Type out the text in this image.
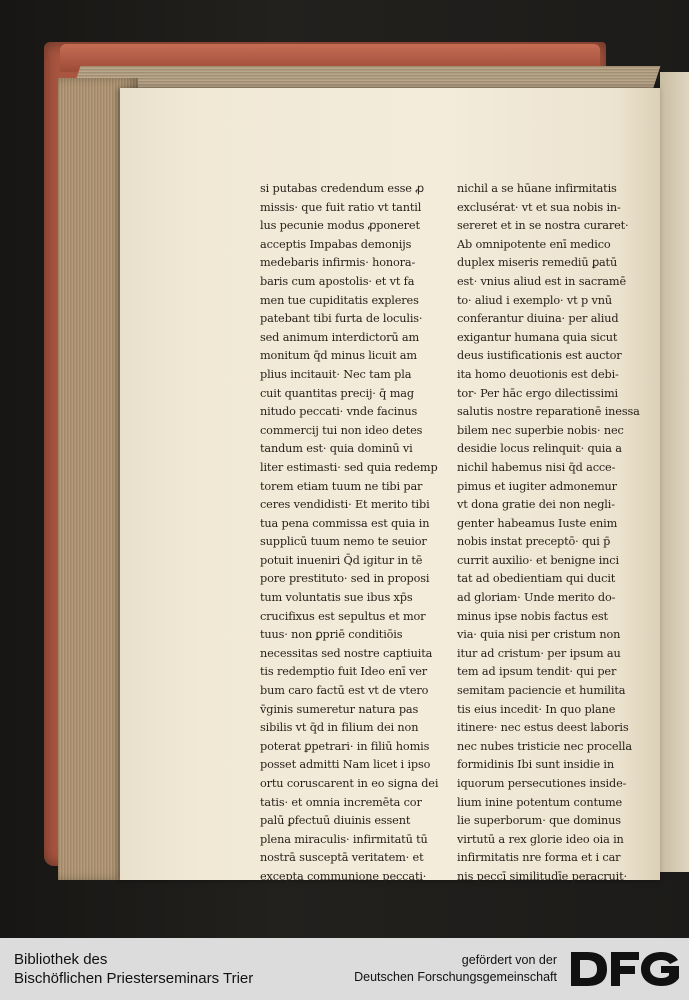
si putabas credendum esse ꝓ
missis· que fuit ratio vt tantil
lus pecunie modus ꝓponeret
acceptis Impabas demonijs
medebaris infirmis· honora-
baris cum apostolis· et vt fa
men tue cupiditatis expleres
patebant tibi furta de loculis·
sed animum interdictorū am
monitum q̄d minus licuit am
plius incitauit· Nec tam pla
cuit quantitas precij· q̄ mag
nitudo peccati· vnde facinus
commercij tui non ideo detes
tandum est· quia dominū vi
liter estimasti· sed quia redemp
torem etiam tuum ne tibi par
ceres vendidisti· Et merito tibi
tua pena commissa est quia in
supplicū tuum nemo te seuior
potuit inueniri Q̄d igitur in tē
pore prestituto· sed in proposi
tum voluntatis sue ibus xp̄s
crucifixus est sepultus et mor
tuus· non ꝑpriē conditiōis
necessitas sed nostre captiuita
tis redemptio fuit Ideo enī ver
bum caro factū est vt de vtero
v̄ginis sumeretur natura pas
sibilis vt q̄d in filium dei non
poterat ꝑpetrari· in filiū homis
posset admitti Nam licet i ipso
ortu coruscarent in eo signa dei
tatis· et omnia incremēta cor
palū ꝑfectuū diuinis essent
plena miraculis· infirmitatū tū
nostrā susceptā veritatem· et
excepta communione peccati·
nichil a se hūane infirmitatis
exclusérat· vt et sua nobis in-
sereret et in se nostra curaret·
Ab omnipotente enī medico
duplex miseris remediū ꝑatū
est· vnius aliud est in sacramē
to· aliud i exemplo· vt p vnū
conferantur diuina· per aliud
exigantur humana quia sicut
deus iustificationis est auctor
ita homo deuotionis est debi-
tor· Per hāc ergo dilectissimi
salutis nostre reparationē inessa
bilem nec superbie nobis· nec
desidie locus relinquit· quia a
nichil habemus nisi q̄d acce-
pimus et iugiter admonemur
vt dona gratie dei non negli-
genter habeamus Iuste enim
nobis instat preceptō· qui p̄
currit auxilio· et benigne inci
tat ad obedientiam qui ducit
ad gloriam· Unde merito do-
minus ipse nobis factus est
via· quia nisi per cristum non
itur ad cristum· per ipsum au
tem ad ipsum tendit· qui per
semitam paciencie et humilita
tis eius incedit· In quo plane
itinere· nec estus deest laboris
nec nubes tristicie nec procella
formidinis Ibi sunt insidie in
iquorum persecutiones inside-
lium inine potentum contume
lie superborum· que dominus
virtutū a rex glorie ideo oia in
infirmitatis nre forma et i car
nis peccī similitudīe peracruit·
Bibliothek des
Bischöflichen Priesterseminars Trier
gefördert von der
Deutschen Forschungsgemeinschaft
